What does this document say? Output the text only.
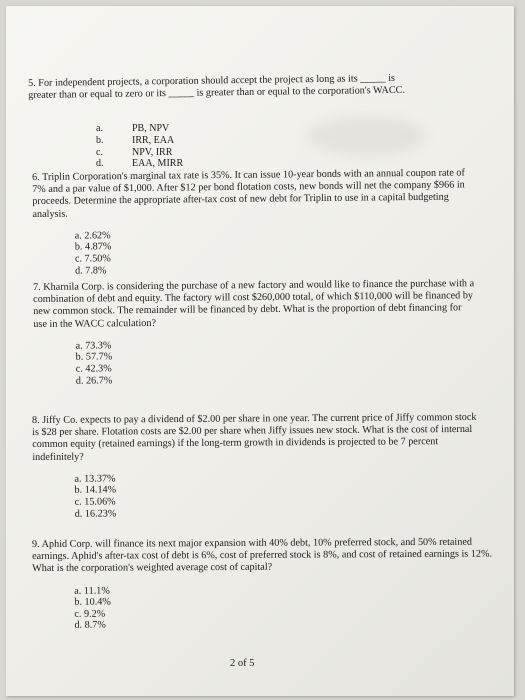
5. For independent projects, a corporation should accept the project as long as its _____ is

greater than or equal to zero or its _____ is greater than or equal to the corporation's WACC.

a.	PB, NPV
b.	IRR, EAA
c.	NPV, IRR
d.	EAA, MIRR

6. Triplin Corporation's marginal tax rate is 35%. It can issue 10-year bonds with an annual coupon rate of 7% and a par value of $1,000. After $12 per bond flotation costs, new bonds will net the company $966 in proceeds. Determine the appropriate after-tax cost of new debt for Triplin to use in a capital budgeting analysis.

a. 2.62%
b. 4.87%
c. 7.50%
d. 7.8%

7. Kharnila Corp. is considering the purchase of a new factory and would like to finance the purchase with a combination of debt and equity. The factory will cost $260,000 total, of which $110,000 will be financed by new common stock. The remainder will be financed by debt. What is the proportion of debt financing for use in the WACC calculation?

a. 73.3%
b. 57.7%
c. 42.3%
d. 26.7%

8. Jiffy Co. expects to pay a dividend of $2.00 per share in one year. The current price of Jiffy common stock is $28 per share. Flotation costs are $2.00 per share when Jiffy issues new stock. What is the cost of internal common equity (retained earnings) if the long-term growth in dividends is projected to be 7 percent indefinitely?

a. 13.37%
b. 14.14%
c. 15.06%
d. 16.23%

9. Aphid Corp. will finance its next major expansion with 40% debt, 10% preferred stock, and 50% retained earnings. Aphid's after-tax cost of debt is 6%, cost of preferred stock is 8%, and cost of retained earnings is 12%. What is the corporation's weighted average cost of capital?

a. 11.1%
b. 10.4%
c. 9.2%
d. 8.7%
2 of 5
